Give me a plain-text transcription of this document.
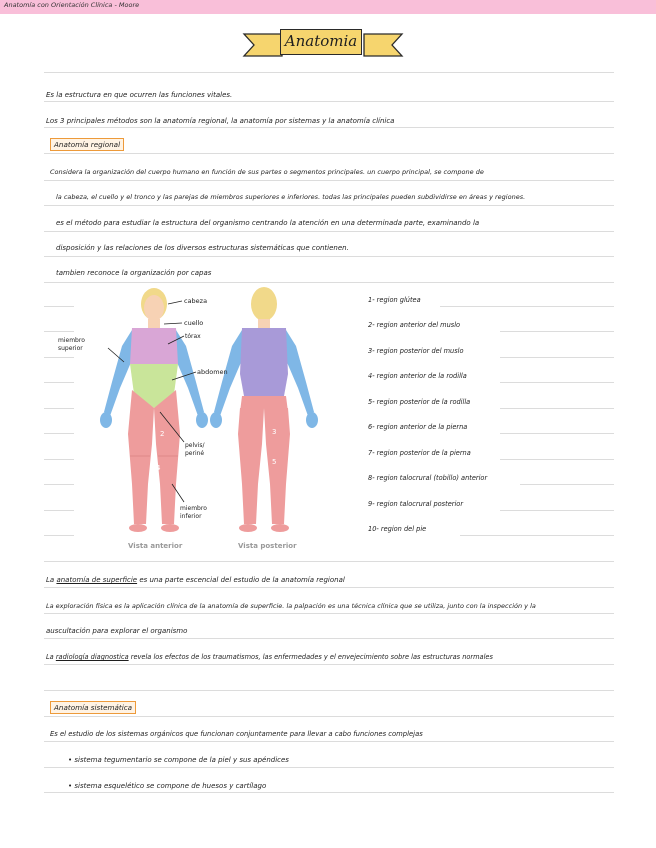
Anatomía con Orientación Clínica - Moore
Anatomia
Es la estructura en que ocurren las funciones vitales.
Los 3 principales métodos son la anatomía regional, la anatomía por sistemas y la anatomía clínica
Anatomía regional
Considera la organización del cuerpo humano en función de sus partes o segmentos principales. un cuerpo principal, se compone de
la cabeza, el cuello y el tronco y las parejas de miembros superiores e inferiores. todas las principales pueden subdividirse en áreas y regiones.
es el método para estudiar la estructura del organismo centrando la atención en una determinada parte, examinando la
disposición y las relaciones de los diversos estructuras sistemáticas que contienen.
tambien reconoce la organización por capas
cabeza
cuello
tórax
miembro
superior
abdomen
pelvis/
periné
miembro
inferior
2
4
6
3
5
Vista anterior	Vista posterior
1- region glútea
2- region anterior del muslo
3- region posterior del muslo
4- region anterior de la rodilla
5- region posterior de la rodilla
6- region anterior de la pierna
7- region posterior de la pierna
8- region talocrural (tobillo) anterior
9- region talocrural posterior
10- region del pie
La anatomía de superficie es una parte escencial del estudio de la anatomía regional
La exploración física es la aplicación clínica de la anatomía de superficie. la palpación es una técnica clínica que se utiliza, junto con la inspección y la
auscultación para explorar el organismo
La radiología diagnostica revela los efectos de los traumatismos, las enfermedades y el envejecimiento sobre las estructuras normales
Anatomía sistemática
Es el estudio de los sistemas orgánicos que funcionan conjuntamente para llevar a cabo funciones complejas
• sistema tegumentario se compone de la piel y sus apéndices
• sistema esquelético se compone de huesos y cartílago
